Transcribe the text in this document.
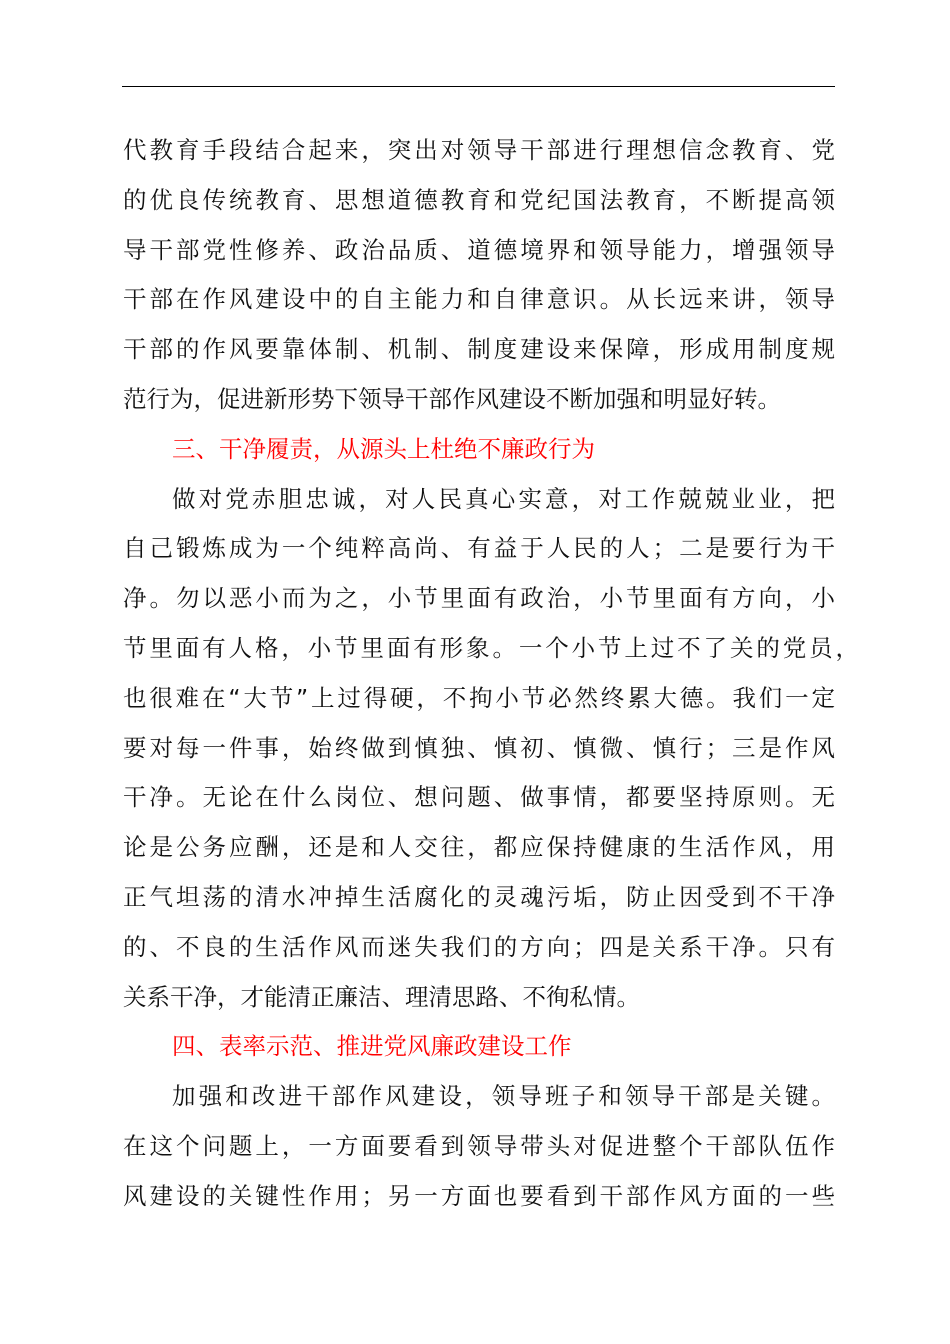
代教育手段结合起来，突出对领导干部进行理想信念教育、党
的优良传统教育、思想道德教育和党纪国法教育，不断提高领
导干部党性修养、政治品质、道德境界和领导能力，增强领导
干部在作风建设中的自主能力和自律意识。从长远来讲，领导
干部的作风要靠体制、机制、制度建设来保障，形成用制度规
范行为，促进新形势下领导干部作风建设不断加强和明显好转。
三、干净履责，从源头上杜绝不廉政行为
做对党赤胆忠诚，对人民真心实意，对工作兢兢业业，把
自己锻炼成为一个纯粹高尚、有益于人民的人；二是要行为干
净。勿以恶小而为之，小节里面有政治，小节里面有方向，小
节里面有人格，小节里面有形象。一个小节上过不了关的党员，
也很难在“大节”上过得硬，不拘小节必然终累大德。我们一定
要对每一件事，始终做到慎独、慎初、慎微、慎行；三是作风
干净。无论在什么岗位、想问题、做事情，都要坚持原则。无
论是公务应酬，还是和人交往，都应保持健康的生活作风，用
正气坦荡的清水冲掉生活腐化的灵魂污垢，防止因受到不干净
的、不良的生活作风而迷失我们的方向；四是关系干净。只有
关系干净，才能清正廉洁、理清思路、不徇私情。
四、表率示范、推进党风廉政建设工作
加强和改进干部作风建设，领导班子和领导干部是关键。
在这个问题上，一方面要看到领导带头对促进整个干部队伍作
风建设的关键性作用；另一方面也要看到干部作风方面的一些
